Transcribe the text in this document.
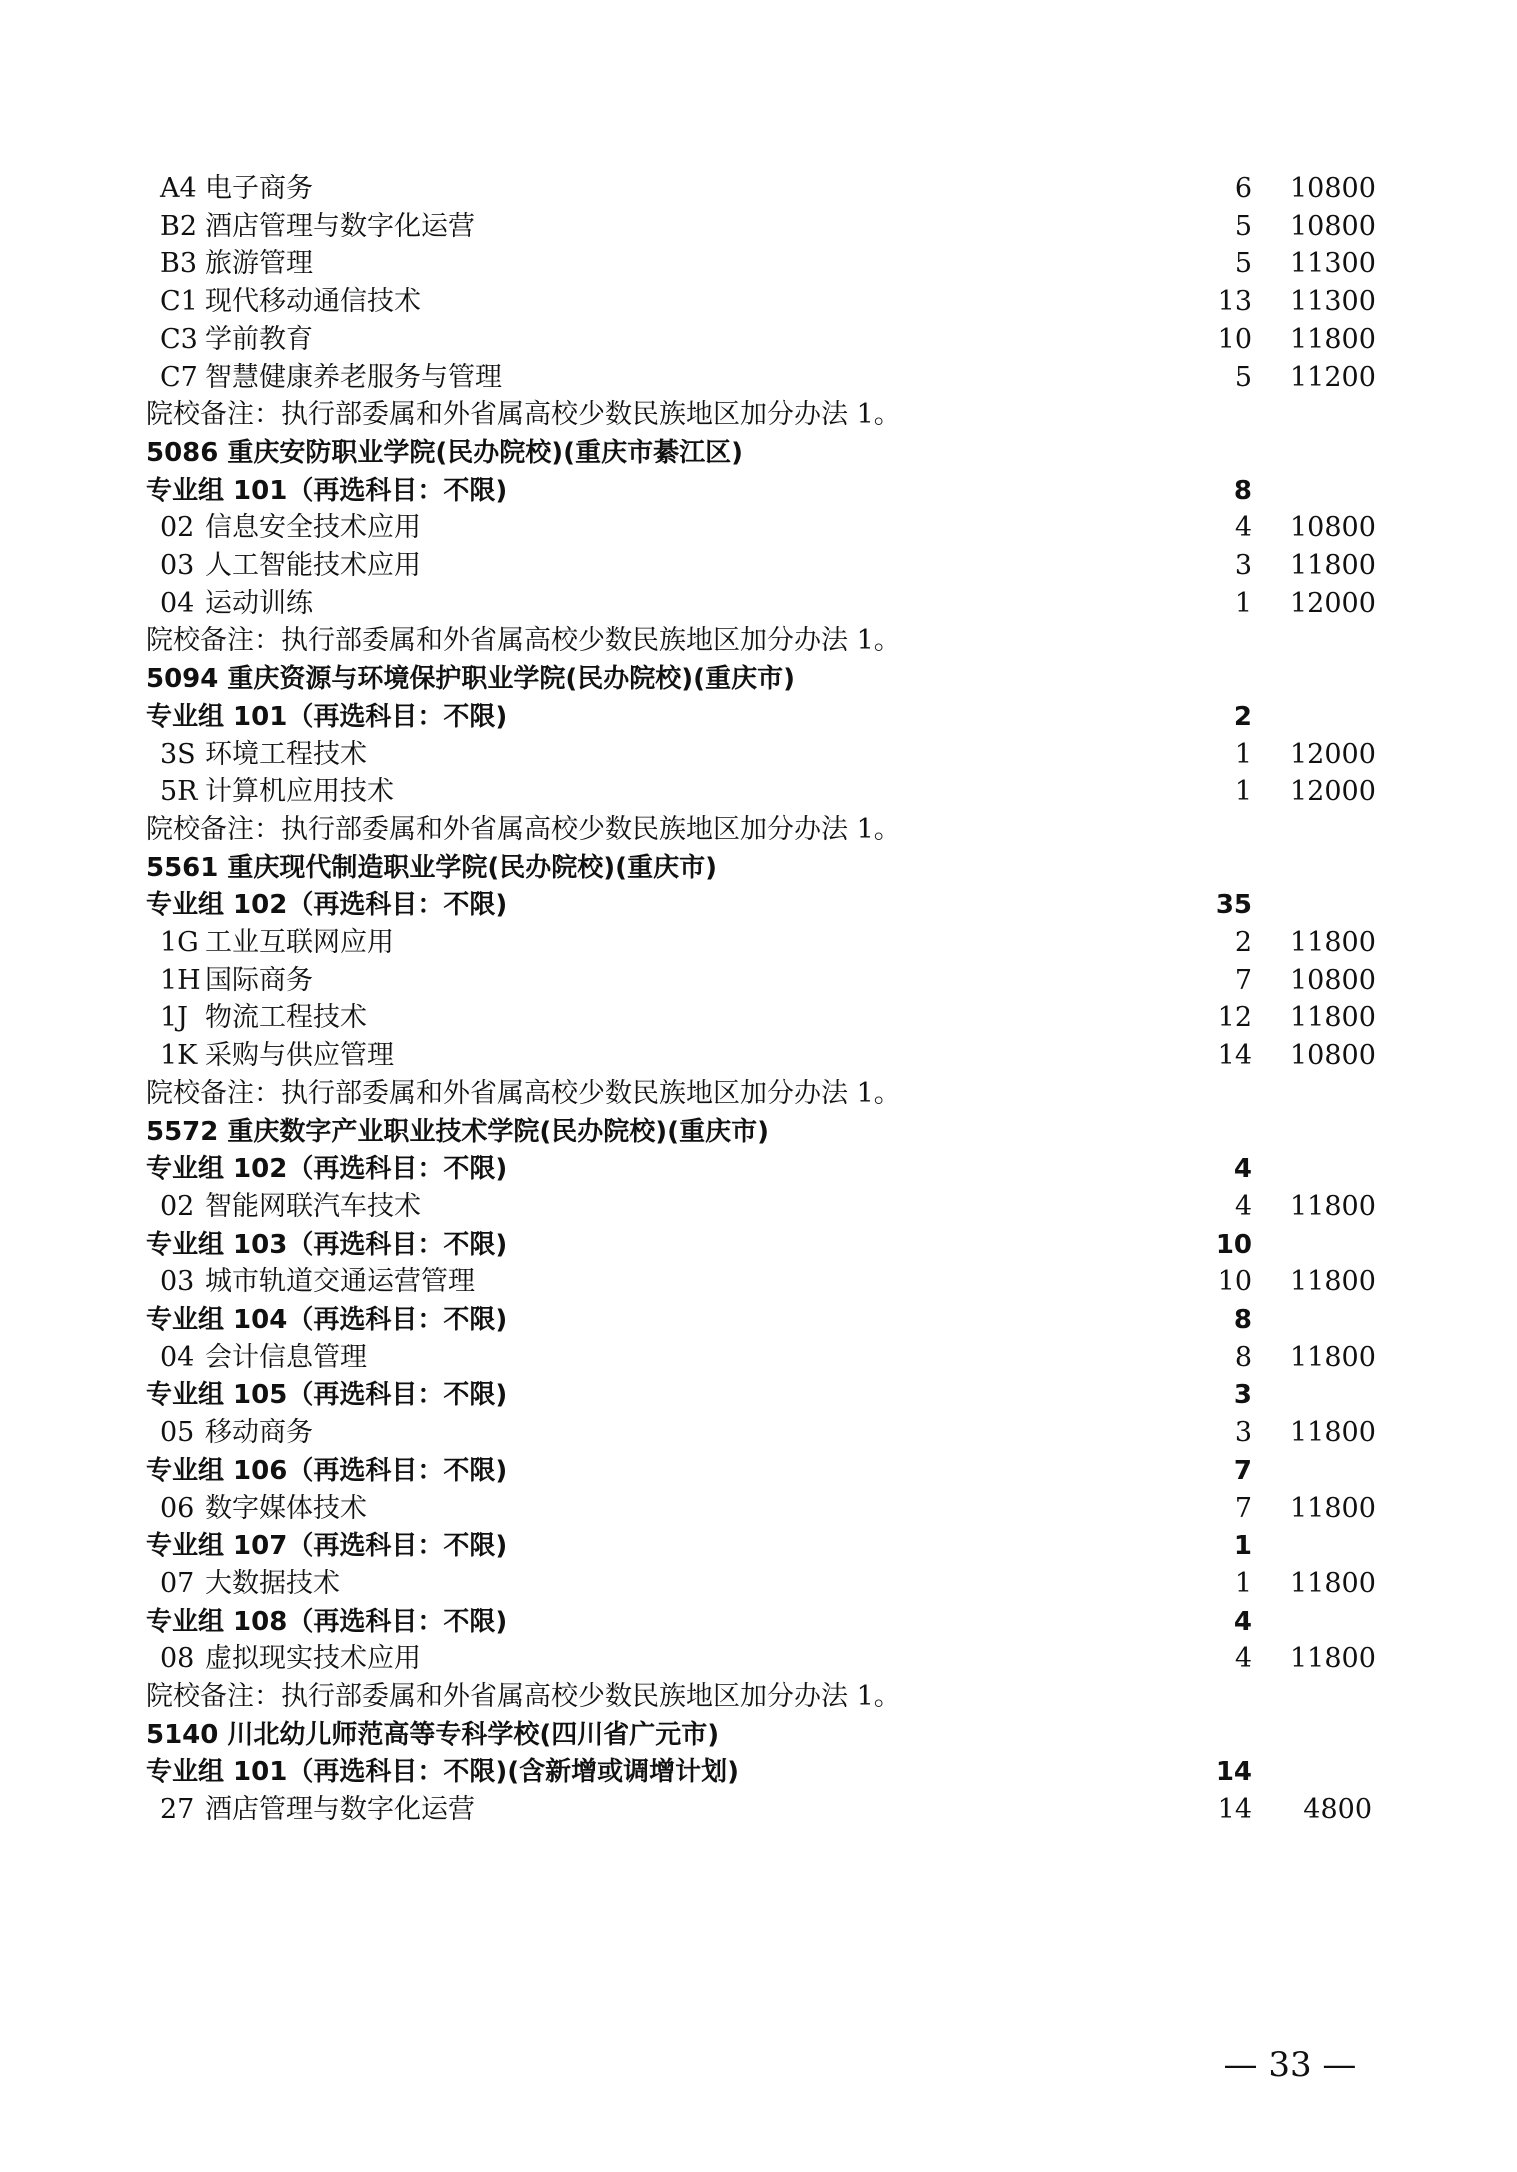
A4 电子商务	6 10800
B2 酒店管理与数字化运营	5 10800
B3 旅游管理	5 11300
C1 现代移动通信技术	13 11300
C3 学前教育	10 11800
C7 智慧健康养老服务与管理	5 11200
院校备注：执行部委属和外省属高校少数民族地区加分办法 1。
5086 重庆安防职业学院(民办院校)(重庆市綦江区)
专业组 101（再选科目：不限)	8
02 信息安全技术应用	4 10800
03 人工智能技术应用	3 11800
04 运动训练	1 12000
院校备注：执行部委属和外省属高校少数民族地区加分办法 1。
5094 重庆资源与环境保护职业学院(民办院校)(重庆市)
专业组 101（再选科目：不限)	2
3S 环境工程技术	1 12000
5R 计算机应用技术	1 12000
院校备注：执行部委属和外省属高校少数民族地区加分办法 1。
5561 重庆现代制造职业学院(民办院校)(重庆市)
专业组 102（再选科目：不限)	35
1G 工业互联网应用	2 11800
1H 国际商务	7 10800
1J 物流工程技术	12 11800
1K 采购与供应管理	14 10800
院校备注：执行部委属和外省属高校少数民族地区加分办法 1。
5572 重庆数字产业职业技术学院(民办院校)(重庆市)
专业组 102（再选科目：不限)	4
02 智能网联汽车技术	4 11800
专业组 103（再选科目：不限)	10
03 城市轨道交通运营管理	10 11800
专业组 104（再选科目：不限)	8
04 会计信息管理	8 11800
专业组 105（再选科目：不限)	3
05 移动商务	3 11800
专业组 106（再选科目：不限)	7
06 数字媒体技术	7 11800
专业组 107（再选科目：不限)	1
07 大数据技术	1 11800
专业组 108（再选科目：不限)	4
08 虚拟现实技术应用	4 11800
院校备注：执行部委属和外省属高校少数民族地区加分办法 1。
5140 川北幼儿师范高等专科学校(四川省广元市)
专业组 101（再选科目：不限)(含新增或调增计划)	14
27 酒店管理与数字化运营	14	4800
— 33 —
